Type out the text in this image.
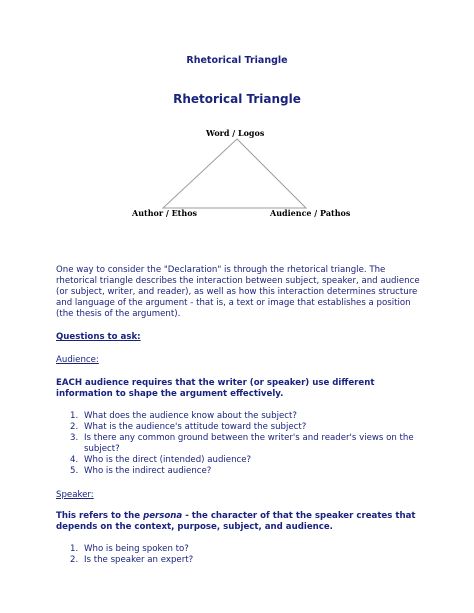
Rhetorical Triangle
Rhetorical Triangle
Word / Logos
Author / Ethos	Audience / Pathos

One way to consider the "Declaration" is through the rhetorical triangle. The rhetorical triangle describes the interaction between subject, speaker, and audience (or subject, writer, and reader), as well as how this interaction determines structure and language of the argument - that is, a text or image that establishes a position (the thesis of the argument).

Questions to ask:

Audience:

EACH audience requires that the writer (or speaker) use different information to shape the argument effectively.

1. What does the audience know about the subject?
2. What is the audience's attitude toward the subject?
3. Is there any common ground between the writer's and reader's views on the subject?
4. Who is the direct (intended) audience?
5. Who is the indirect audience?

Speaker:

This refers to the persona - the character of that the speaker creates that depends on the context, purpose, subject, and audience.

1. Who is being spoken to?
2. Is the speaker an expert?
